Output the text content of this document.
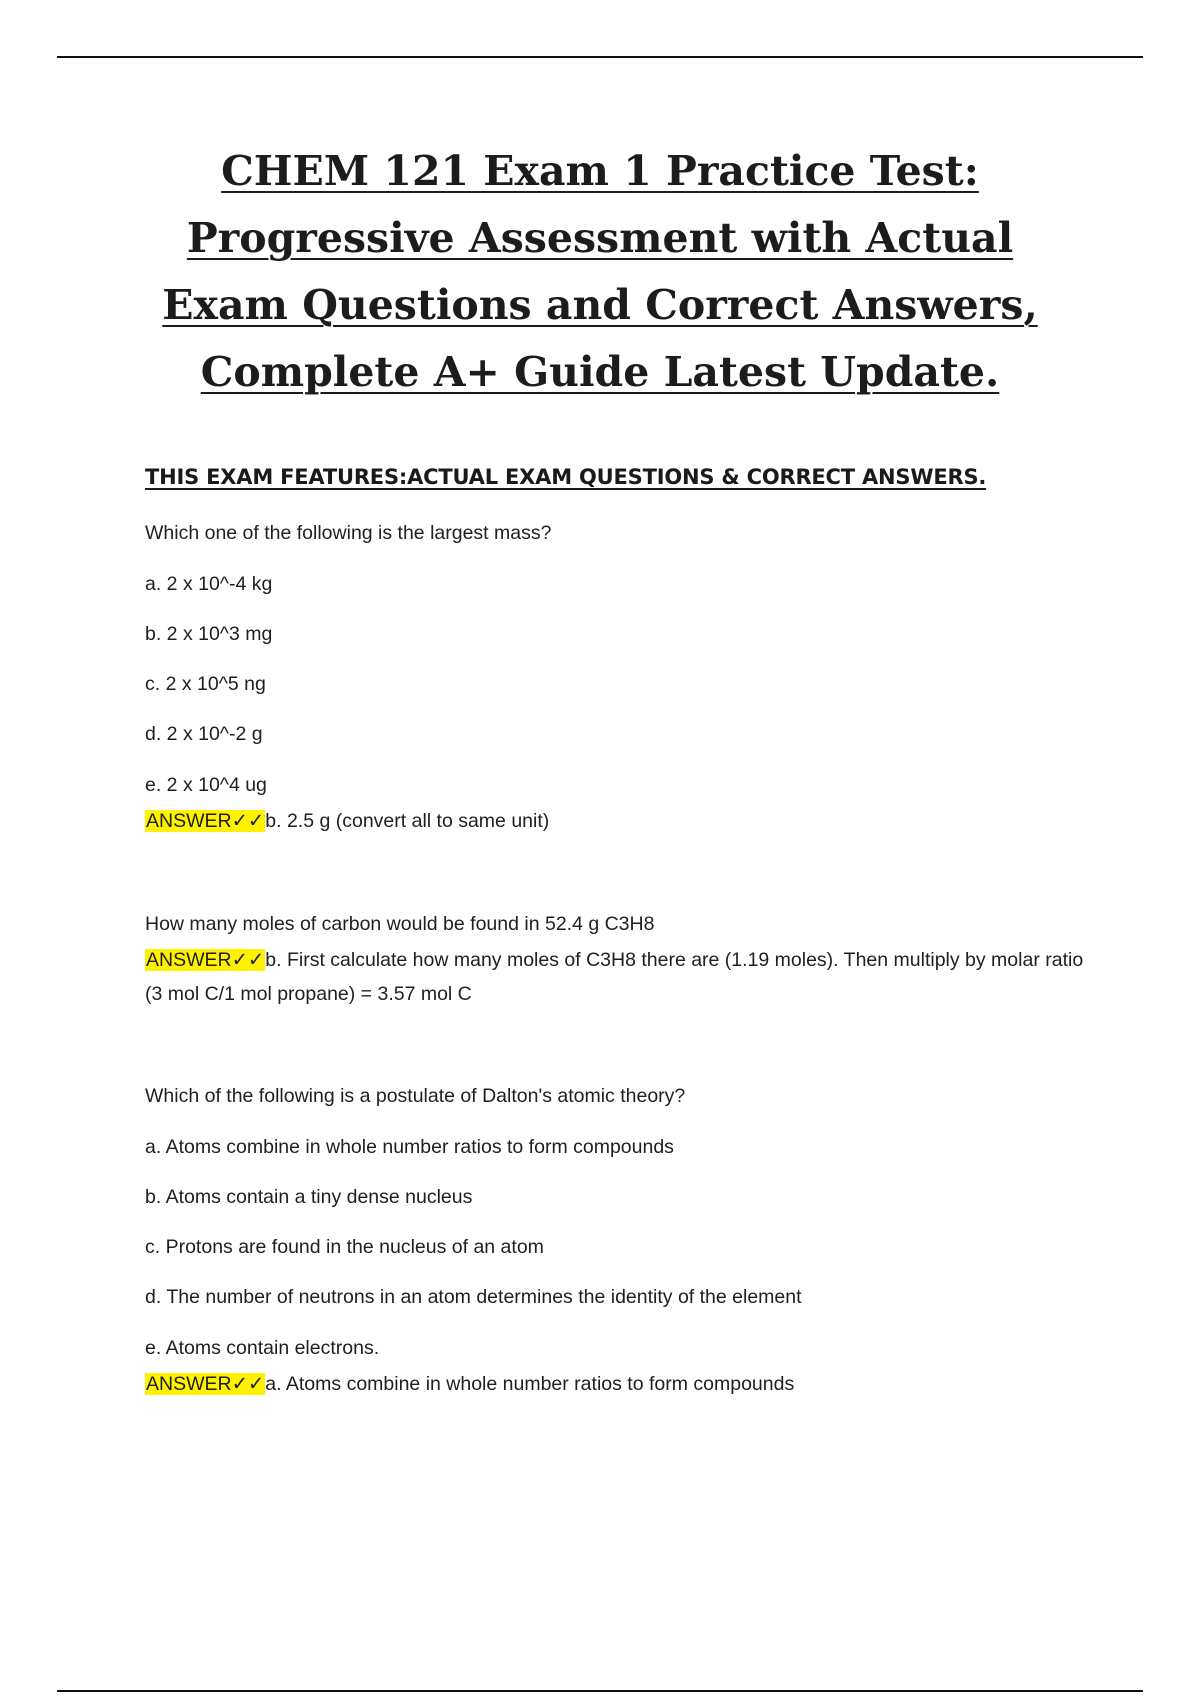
CHEM 121 Exam 1 Practice Test:
Progressive Assessment with Actual
Exam Questions and Correct Answers,
Complete A+ Guide Latest Update.
THIS EXAM FEATURES:ACTUAL EXAM QUESTIONS & CORRECT ANSWERS.
Which one of the following is the largest mass?
a. 2 x 10^-4 kg
b. 2 x 10^3 mg
c. 2 x 10^5 ng
d. 2 x 10^-2 g
e. 2 x 10^4 ug
ANSWER✓✓b. 2.5 g (convert all to same unit)
How many moles of carbon would be found in 52.4 g C3H8
ANSWER✓✓b. First calculate how many moles of C3H8 there are (1.19 moles). Then multiply by molar ratio (3 mol C/1 mol propane) = 3.57 mol C
Which of the following is a postulate of Dalton's atomic theory?
a. Atoms combine in whole number ratios to form compounds
b. Atoms contain a tiny dense nucleus
c. Protons are found in the nucleus of an atom
d. The number of neutrons in an atom determines the identity of the element
e. Atoms contain electrons.
ANSWER✓✓a. Atoms combine in whole number ratios to form compounds
